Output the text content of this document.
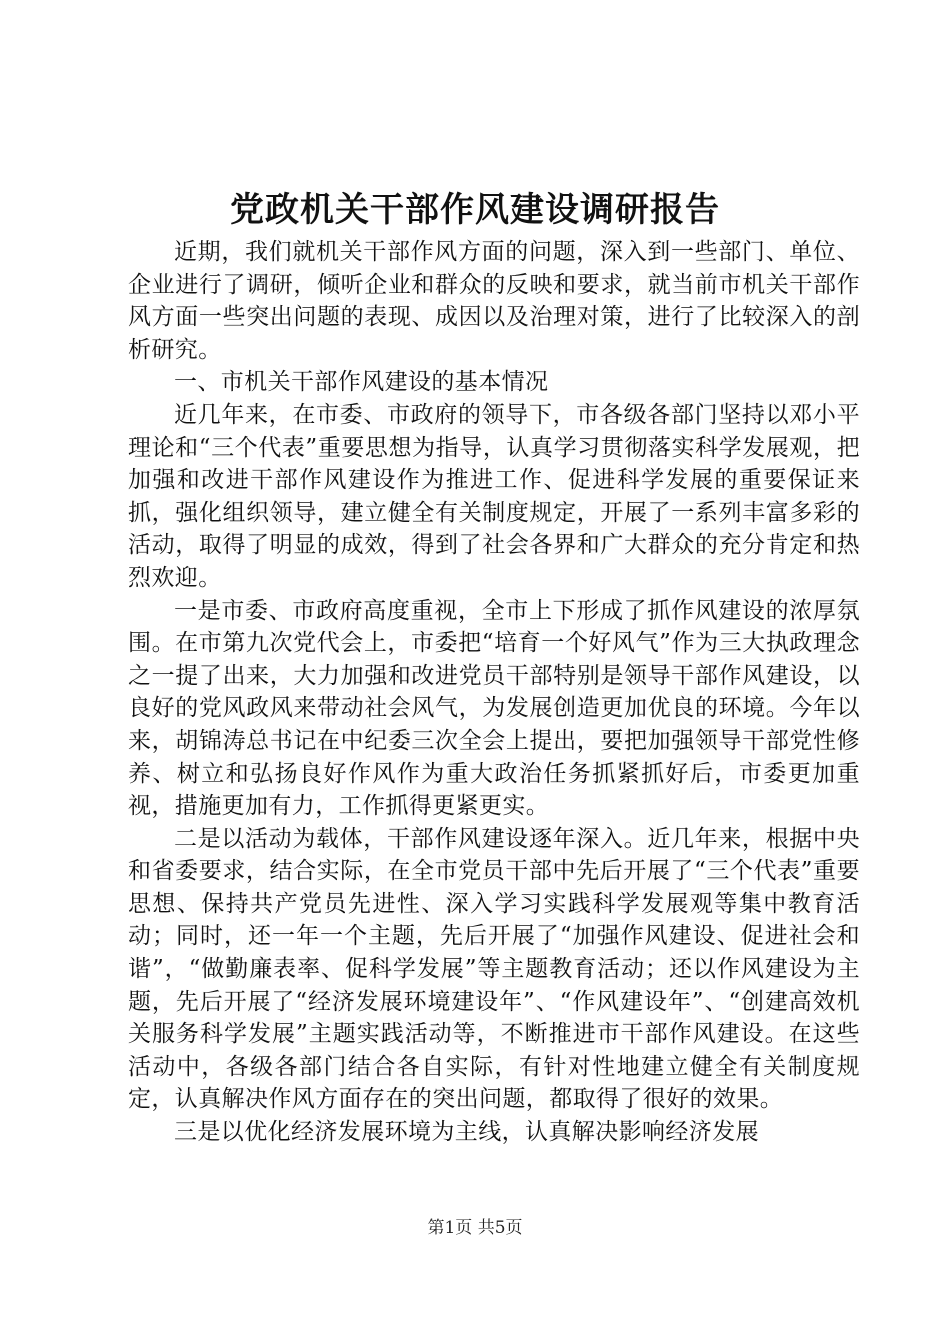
党政机关干部作风建设调研报告

近期，我们就机关干部作风方面的问题，深入到一些部门、单位、企业进行了调研，倾听企业和群众的反映和要求，就当前市机关干部作风方面一些突出问题的表现、成因以及治理对策，进行了比较深入的剖析研究。

一、市机关干部作风建设的基本情况

近几年来，在市委、市政府的领导下，市各级各部门坚持以邓小平理论和“三个代表”重要思想为指导，认真学习贯彻落实科学发展观，把加强和改进干部作风建设作为推进工作、促进科学发展的重要保证来抓，强化组织领导，建立健全有关制度规定，开展了一系列丰富多彩的活动，取得了明显的成效，得到了社会各界和广大群众的充分肯定和热烈欢迎。

一是市委、市政府高度重视，全市上下形成了抓作风建设的浓厚氛围。在市第九次党代会上，市委把“培育一个好风气”作为三大执政理念之一提了出来，大力加强和改进党员干部特别是领导干部作风建设，以良好的党风政风来带动社会风气，为发展创造更加优良的环境。今年以来，胡锦涛总书记在中纪委三次全会上提出，要把加强领导干部党性修养、树立和弘扬良好作风作为重大政治任务抓紧抓好后，市委更加重视，措施更加有力，工作抓得更紧更实。

二是以活动为载体，干部作风建设逐年深入。近几年来，根据中央和省委要求，结合实际，在全市党员干部中先后开展了“三个代表”重要思想、保持共产党员先进性、深入学习实践科学发展观等集中教育活动；同时，还一年一个主题，先后开展了“加强作风建设、促进社会和谐”，“做勤廉表率、促科学发展”等主题教育活动；还以作风建设为主题，先后开展了“经济发展环境建设年”、“作风建设年”、“创建高效机关服务科学发展”主题实践活动等，不断推进市干部作风建设。在这些活动中，各级各部门结合各自实际，有针对性地建立健全有关制度规定，认真解决作风方面存在的突出问题，都取得了很好的效果。

三是以优化经济发展环境为主线，认真解决影响经济发展

第1页 共5页
